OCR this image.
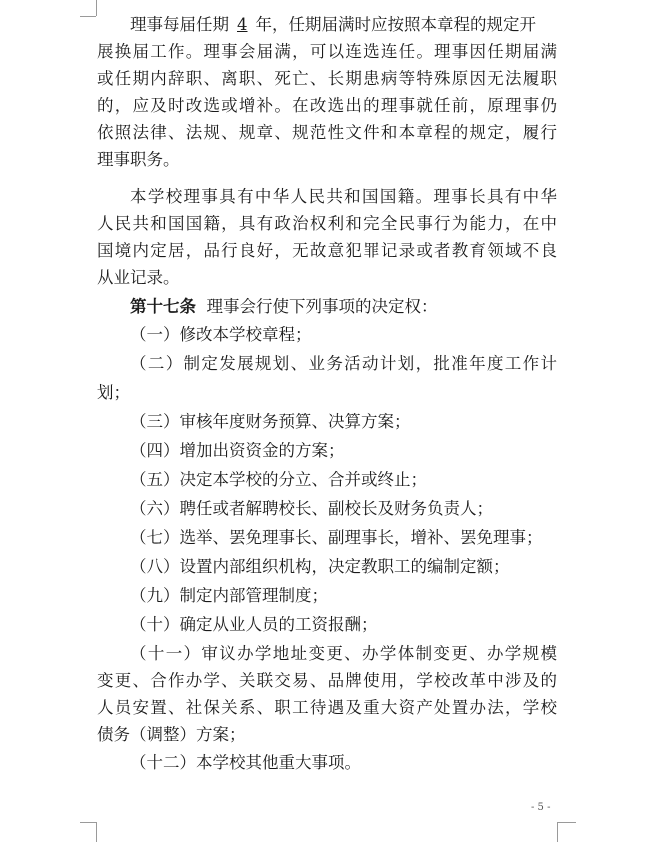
理事每届任期 4 年，任期届满时应按照本章程的规定开
展换届工作。理事会届满，可以连选连任。理事因任期届满
或任期内辞职、离职、死亡、长期患病等特殊原因无法履职
的，应及时改选或增补。在改选出的理事就任前，原理事仍
依照法律、法规、规章、规范性文件和本章程的规定，履行
理事职务。
本学校理事具有中华人民共和国国籍。理事长具有中华
人民共和国国籍，具有政治权利和完全民事行为能力，在中
国境内定居，品行良好，无故意犯罪记录或者教育领域不良
从业记录。
第十七条 理事会行使下列事项的决定权：
（一）修改本学校章程；
（二）制定发展规划、业务活动计划，批准年度工作计
划；
（三）审核年度财务预算、决算方案；
（四）增加出资资金的方案；
（五）决定本学校的分立、合并或终止；
（六）聘任或者解聘校长、副校长及财务负责人；
（七）选举、罢免理事长、副理事长，增补、罢免理事；
（八）设置内部组织机构，决定教职工的编制定额；
（九）制定内部管理制度；
（十）确定从业人员的工资报酬；
（十一）审议办学地址变更、办学体制变更、办学规模
变更、合作办学、关联交易、品牌使用，学校改革中涉及的
人员安置、社保关系、职工待遇及重大资产处置办法，学校
债务（调整）方案；
（十二）本学校其他重大事项。
- 5 -
